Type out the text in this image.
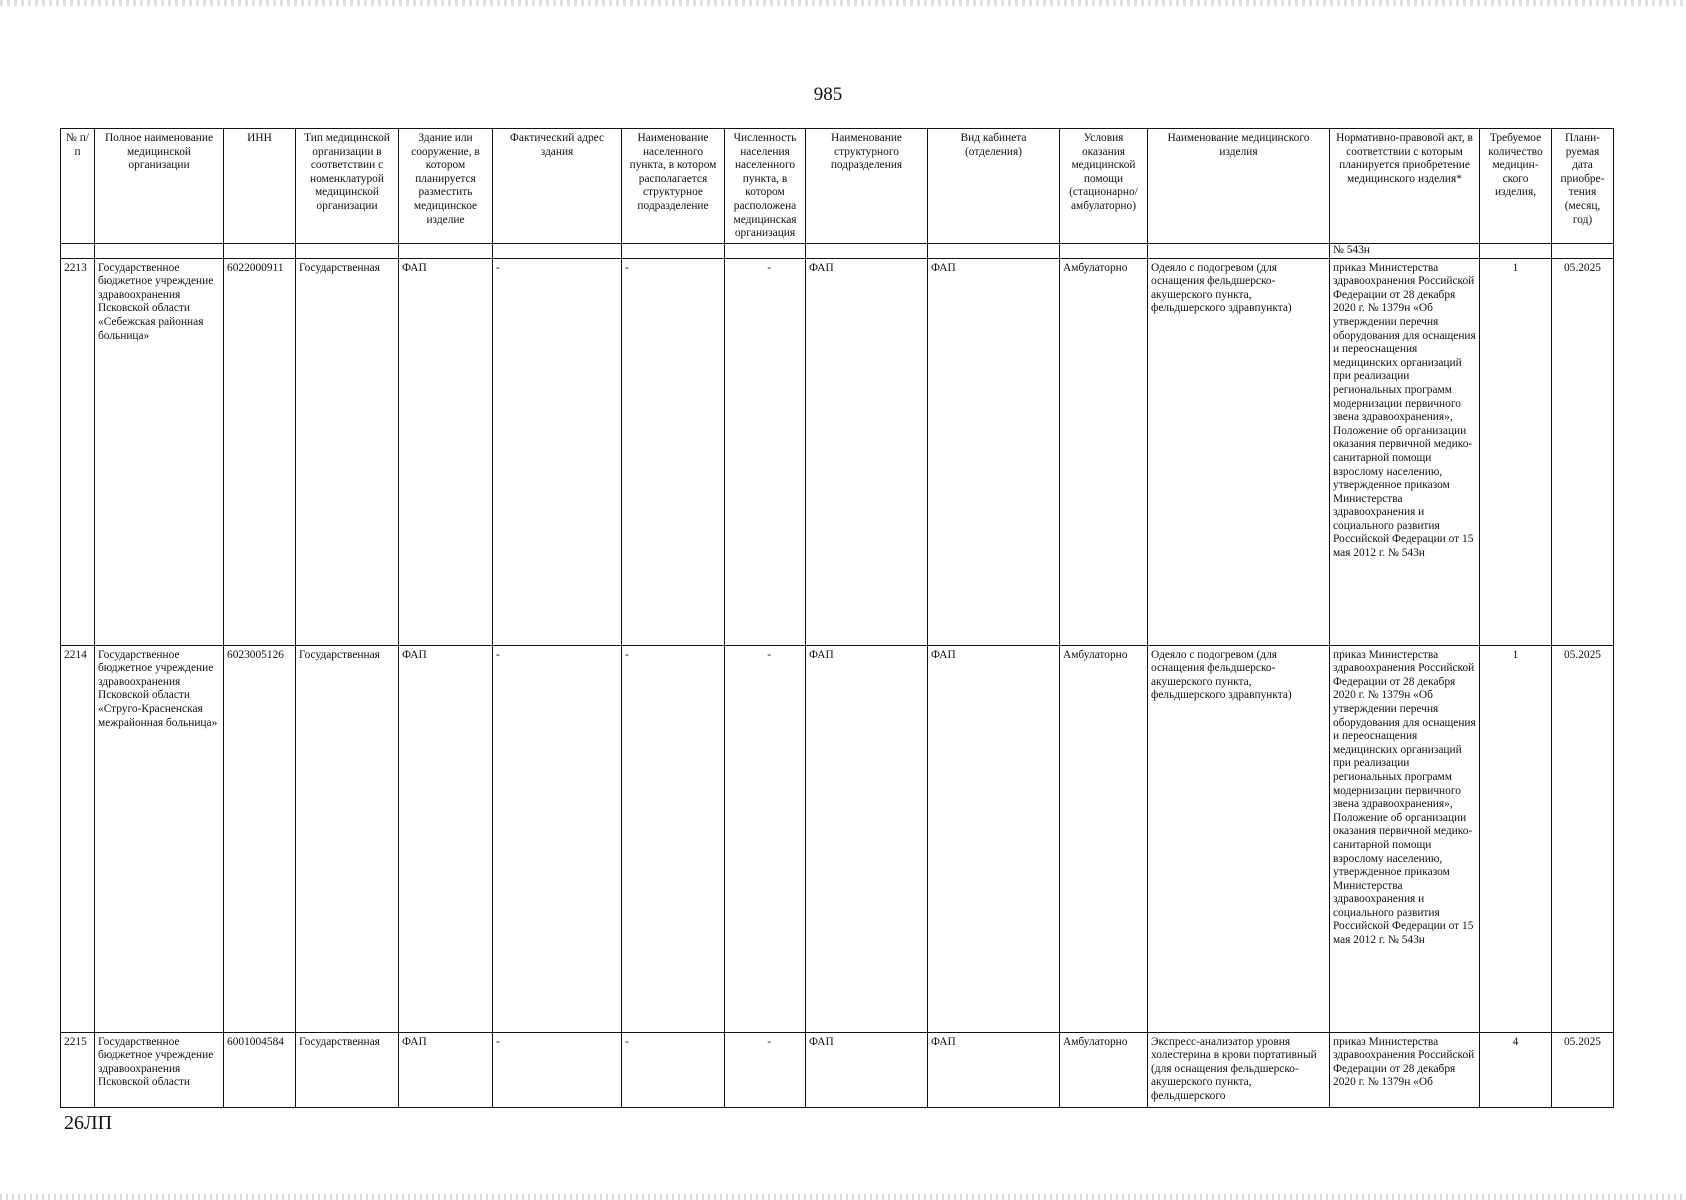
985
№ п/п	Полное наименование медицинской организации	ИНН	Тип медицинской организации в соответствии с номенклатурой медицинской организации	Здание или сооружение, в котором планируется разместить медицинское изделие	Фактический адрес здания	Наименование населенного пункта, в котором располагается структурное подразделение	Численность населения населенного пункта, в котором расположена медицинская организация	Наименование структурного подразделения	Вид кабинета (отделения)	Условия оказания медицинской помощи (стационарно/ амбулаторно)	Наименование медицинского изделия	Нормативно-правовой акт, в соответствии с которым планируется приобретение медицинского изделия*	Требуемое количество медицин-ского изделия,	Плани-руемая дата приобре-тения (месяц, год)
												№ 543н		
2213	Государственное бюджетное учреждение здравоохранения Псковской области «Себежская районная больница»	6022000911	Государственная	ФАП	-	-	-	ФАП	ФАП	Амбулаторно	Одеяло с подогревом (для оснащения фельдшерско-акушерского пункта, фельдшерского здравпункта)	приказ Министерства здравоохранения Российской Федерации от 28 декабря 2020 г. № 1379н «Об утверждении перечня оборудования для оснащения и переоснащения медицинских организаций при реализации региональных программ модернизации первичного звена здравоохранения», Положение об организации оказания первичной медико-санитарной помощи взрослому населению, утвержденное приказом Министерства здравоохранения и социального развития Российской Федерации от 15 мая 2012 г. № 543н	1	05.2025
2214	Государственное бюджетное учреждение здравоохранения Псковской области «Струго-Красненская межрайонная больница»	6023005126	Государственная	ФАП	-	-	-	ФАП	ФАП	Амбулаторно	Одеяло с подогревом (для оснащения фельдшерско-акушерского пункта, фельдшерского здравпункта)	приказ Министерства здравоохранения Российской Федерации от 28 декабря 2020 г. № 1379н «Об утверждении перечня оборудования для оснащения и переоснащения медицинских организаций при реализации региональных программ модернизации первичного звена здравоохранения», Положение об организации оказания первичной медико-санитарной помощи взрослому населению, утвержденное приказом Министерства здравоохранения и социального развития Российской Федерации от 15 мая 2012 г. № 543н	1	05.2025
2215	Государственное бюджетное учреждение здравоохранения Псковской области	6001004584	Государственная	ФАП	-	-	-	ФАП	ФАП	Амбулаторно	Экспресс-анализатор уровня холестерина в крови портативный (для оснащения фельдшерско-акушерского пункта, фельдшерского	приказ Министерства здравоохранения Российской Федерации от 28 декабря 2020 г. № 1379н «Об	4	05.2025
26ЛП
